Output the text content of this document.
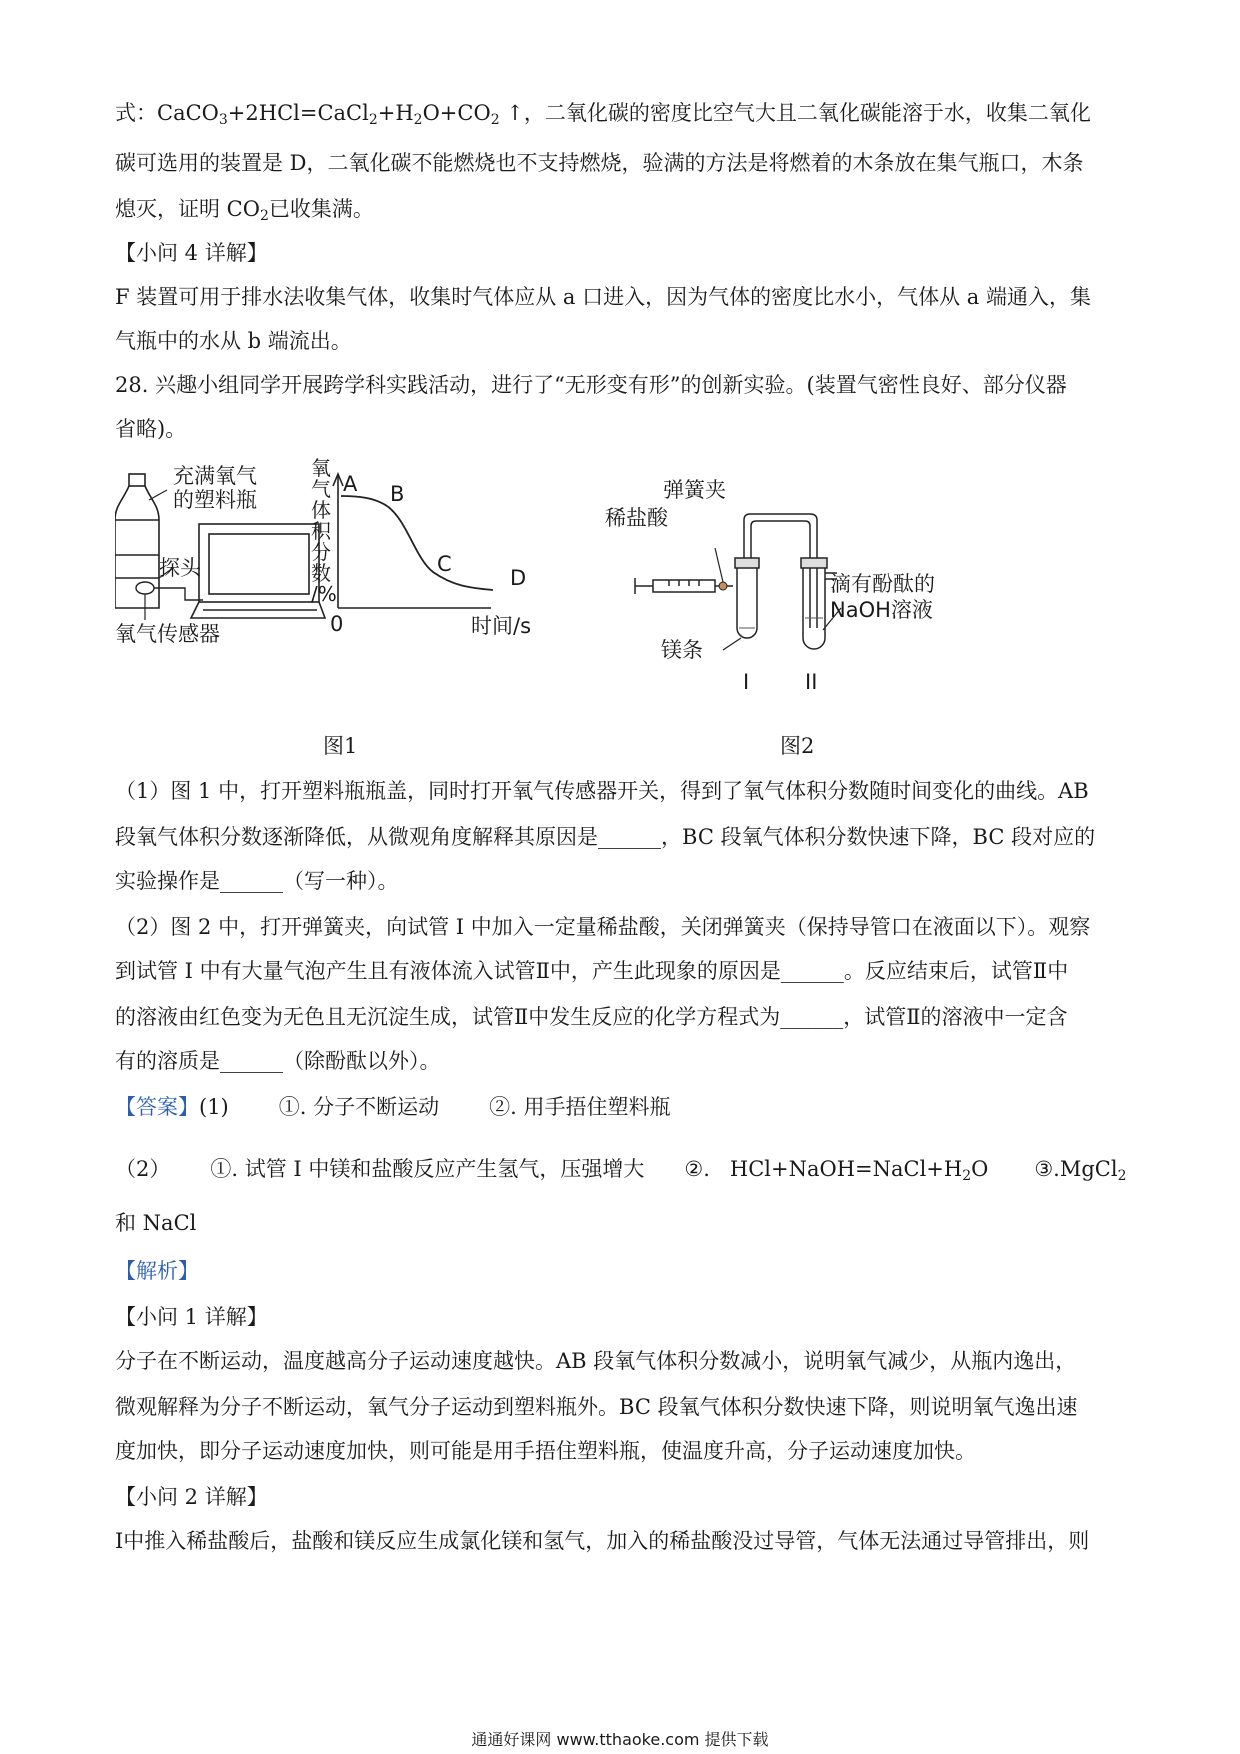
式：$CaCO_3+2HCl=CaCl_2+H_2O+CO_2$ ↑，二氧化碳的密度比空气大且二氧化碳能溶于水，收集二氧化
碳可选用的装置是 D，二氧化碳不能燃烧也不支持燃烧，验满的方法是将燃着的木条放在集气瓶口，木条
熄灭，证明 $CO_2$已收集满。
【小问 4 详解】
F 装置可用于排水法收集气体，收集时气体应从 a 口进入，因为气体的密度比水小，气体从 a 端通入，集
气瓶中的水从 b 端流出。
28. 兴趣小组同学开展跨学科实践活动，进行了“无形变有形”的创新实验。(装置气密性良好、部分仪器
省略)。
充满氧气
的塑料瓶
探头
氧气传感器
氧
气
体
积
分
数
/%
0	时间/s
A B
C
D
图1
弹簧夹
稀盐酸
镁条
滴有酚酞的
NaOH溶液
I	II
图2
（1）图 1 中，打开塑料瓶瓶盖，同时打开氧气传感器开关，得到了氧气体积分数随时间变化的曲线。AB
段氧气体积分数逐渐降低，从微观角度解释其原因是______，BC 段氧气体积分数快速下降，BC 段对应的
实验操作是______（写一种）。
（2）图 2 中，打开弹簧夹，向试管 I 中加入一定量稀盐酸，关闭弹簧夹（保持导管口在液面以下）。观察
到试管 I 中有大量气泡产生且有液体流入试管Ⅱ中，产生此现象的原因是______。反应结束后，试管Ⅱ中
的溶液由红色变为无色且无沉淀生成，试管Ⅱ中发生反应的化学方程式为______，试管Ⅱ的溶液中一定含
有的溶质是______（除酚酞以外）。
【答案】(1) ①. 分子不断运动 ②. 用手捂住塑料瓶
（2） ①. 试管 I 中镁和盐酸反应产生氢气，压强增大 ②. $HCl+NaOH=NaCl+H_2O$ ③.MgCl$_2$
和 NaCl
【解析】
【小问 1 详解】
分子在不断运动，温度越高分子运动速度越快。AB 段氧气体积分数减小，说明氧气减少，从瓶内逸出，
微观解释为分子不断运动，氧气分子运动到塑料瓶外。BC 段氧气体积分数快速下降，则说明氧气逸出速
度加快，即分子运动速度加快，则可能是用手捂住塑料瓶，使温度升高，分子运动速度加快。
【小问 2 详解】
I中推入稀盐酸后，盐酸和镁反应生成氯化镁和氢气，加入的稀盐酸没过导管，气体无法通过导管排出，则
通通好课网 www.tthaoke.com 提供下载
